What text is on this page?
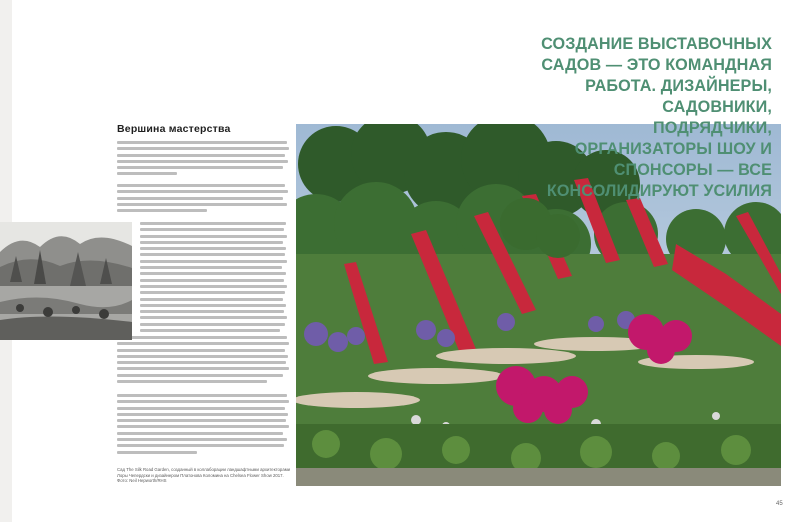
СОЗДАНИЕ ВЫСТАВОЧНЫХ САДОВ — ЭТО КОМАНДНАЯ РАБОТА. ДИЗАЙНЕРЫ, САДОВНИКИ, ПОДРЯДЧИКИ, ОРГАНИЗАТОРЫ ШОУ И СПОНСОРЫ — ВСЕ КОНСОЛИДИРУЮТ УСИЛИЯ
Вершина мастерства
Сад The Silk Road Garden, созданный в коллаборации ландшафтными архитекторами Лоры Чепердски и дизайнером Платонова Коломина на Chelsea Flower Show 2017. Фото: Neil Hepworth/RHS
45
